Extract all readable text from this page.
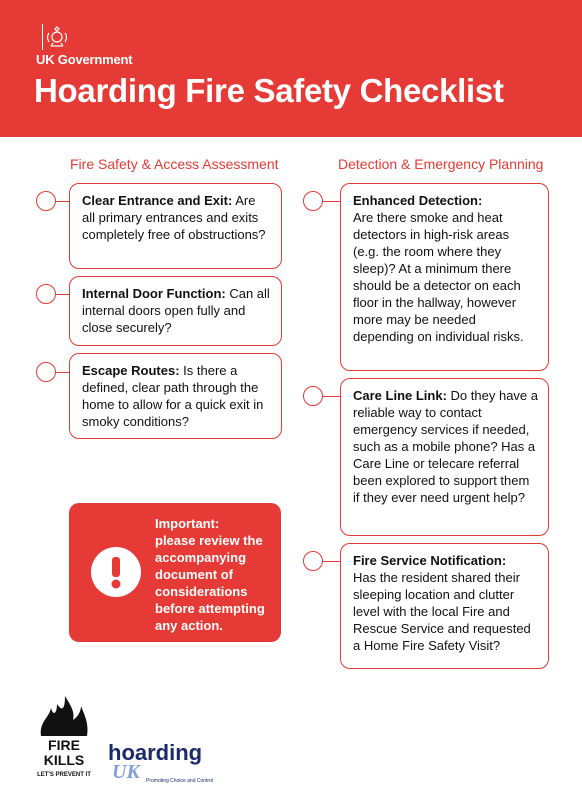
UK Government
Hoarding Fire Safety Checklist
Fire Safety & Access Assessment	Detection & Emergency Planning
Clear Entrance and Exit: Are all primary entrances and exits completely free of obstructions?
Internal Door Function: Can all internal doors open fully and close securely?
Escape Routes: Is there a defined, clear path through the home to allow for a quick exit in smoky conditions?
Important:
please review the accompanying document of considerations before attempting any action.
Enhanced Detection:
Are there smoke and heat detectors in high-risk areas (e.g. the room where they sleep)? At a minimum there should be a detector on each floor in the hallway, however more may be needed depending on individual risks.
Care Line Link: Do they have a reliable way to contact emergency services if needed, such as a mobile phone? Has a Care Line or telecare referral been explored to support them if they ever need urgent help?
Fire Service Notification:
Has the resident shared their sleeping location and clutter level with the local Fire and Rescue Service and requested a Home Fire Safety Visit?
FIRE
KILLS
LET'S PREVENT IT
hoarding
UK	Promoting Choice and Control
